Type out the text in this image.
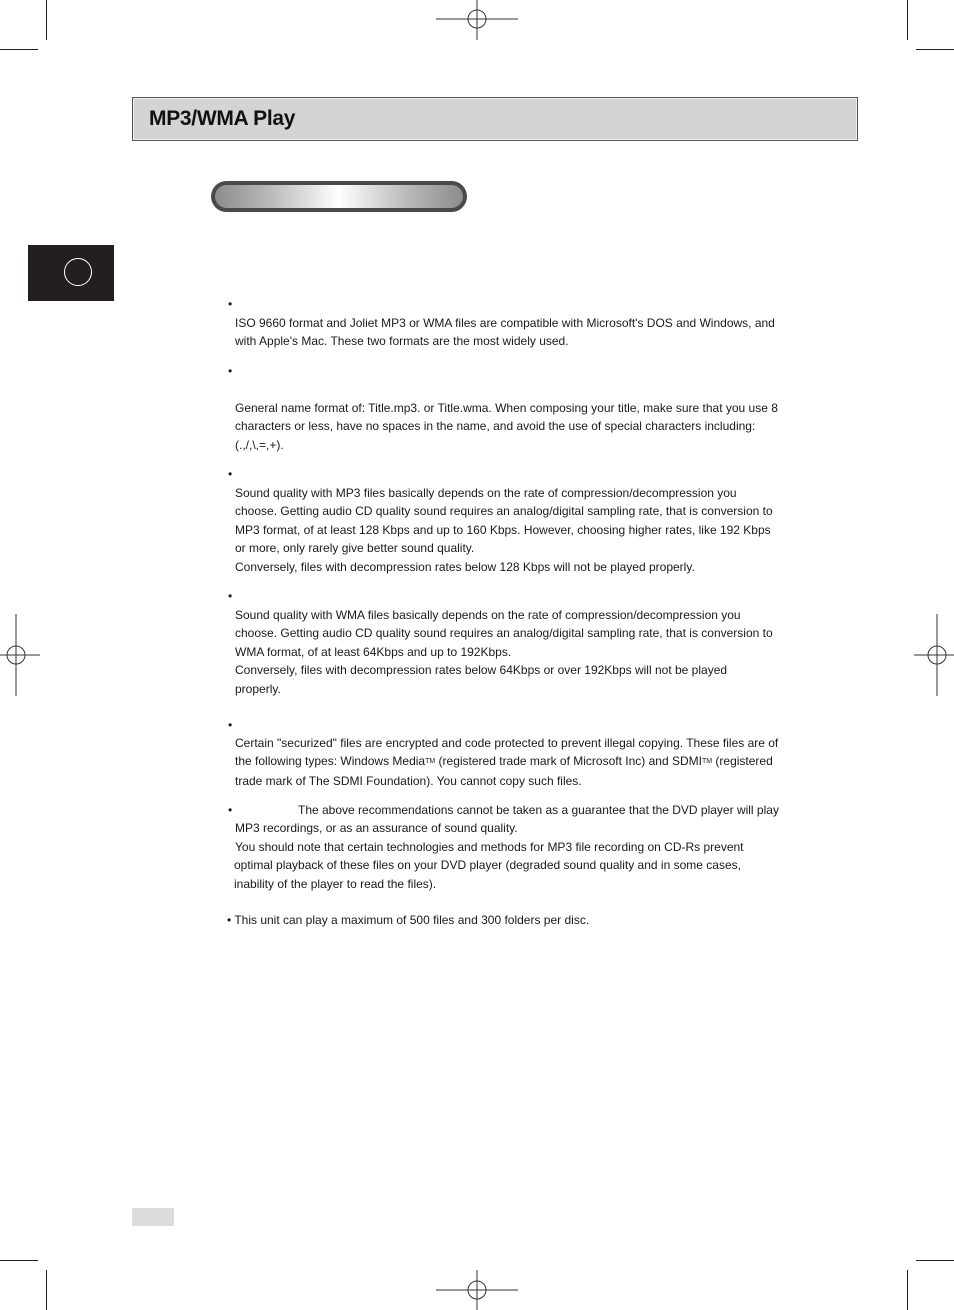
MP3/WMA Play
•
ISO 9660 format and Joliet MP3 or WMA files are compatible with Microsoft's DOS and Windows, and
with Apple's Mac. These two formats are the most widely used.
•
General name format of: Title.mp3. or Title.wma. When composing your title, make sure that you use 8
characters or less, have no spaces in the name, and avoid the use of special characters including:
(.,/,\,=,+).
•
Sound quality with MP3 files basically depends on the rate of compression/decompression you
choose. Getting audio CD quality sound requires an analog/digital sampling rate, that is conversion to
MP3 format, of at least 128 Kbps and up to 160 Kbps. However, choosing higher rates, like 192 Kbps
or more, only rarely give better sound quality.
Conversely, files with decompression rates below 128 Kbps will not be played properly.
•
Sound quality with WMA files basically depends on the rate of compression/decompression you
choose. Getting audio CD quality sound requires an analog/digital sampling rate, that is conversion to
WMA format, of at least 64Kbps and up to 192Kbps.
Conversely, files with decompression rates below 64Kbps or over 192Kbps will not be played
properly.
•
Certain "securized" files are encrypted and code protected to prevent illegal copying. These files are of
the following types: Windows MediaTM (registered trade mark of Microsoft Inc) and SDMITM (registered
trade mark of The SDMI Foundation). You cannot copy such files.
•	The above recommendations cannot be taken as a guarantee that the DVD player will play
MP3 recordings, or as an assurance of sound quality.
You should note that certain technologies and methods for MP3 file recording on CD-Rs prevent
optimal playback of these files on your DVD player (degraded sound quality and in some cases,
inability of the player to read the files).
• This unit can play a maximum of 500 files and 300 folders per disc.
